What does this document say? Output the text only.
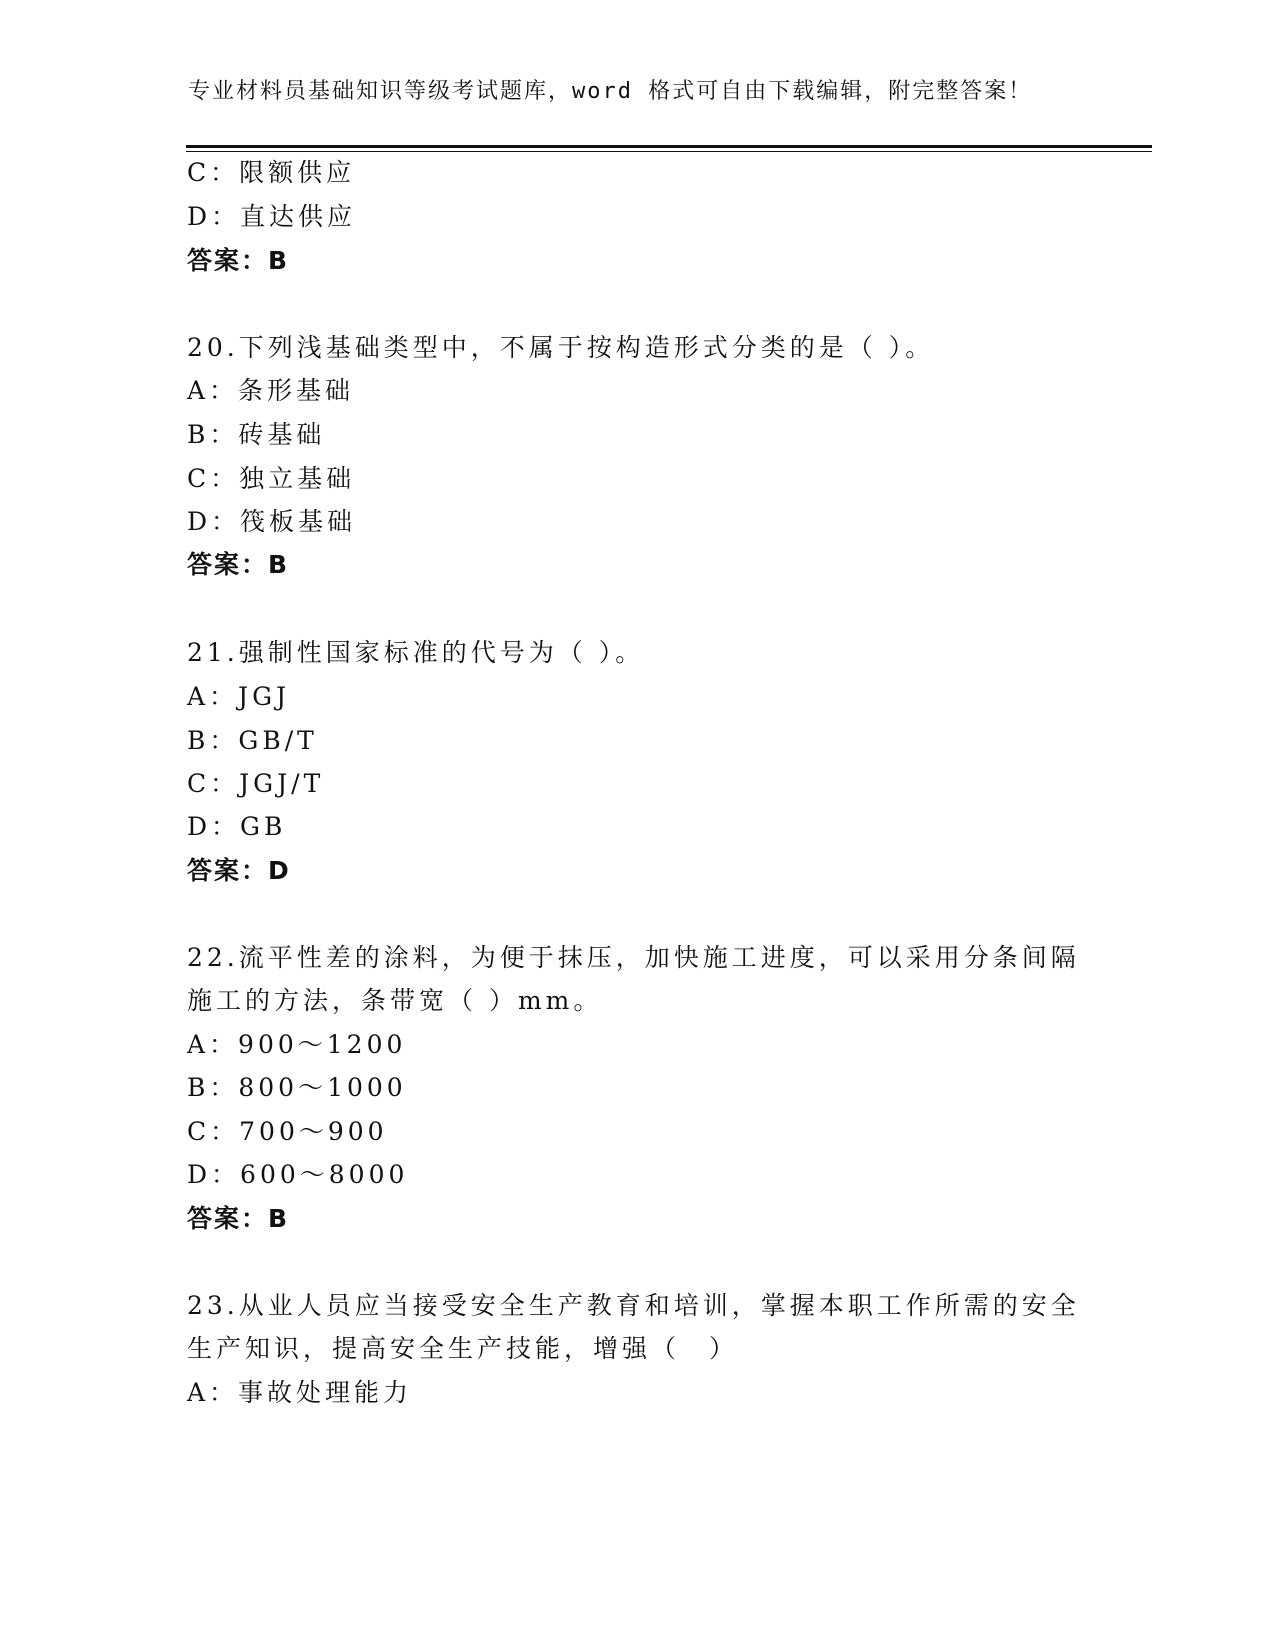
专业材料员基础知识等级考试题库，word 格式可自由下载编辑，附完整答案！
C：限额供应
D：直达供应
答案：B
20.下列浅基础类型中，不属于按构造形式分类的是（ ）。
A：条形基础
B：砖基础
C：独立基础
D：筏板基础
答案：B
21.强制性国家标准的代号为（ ）。
A：JGJ
B：GB/T
C：JGJ/T
D：GB
答案：D
22.流平性差的涂料，为便于抹压，加快施工进度，可以采用分条间隔
施工的方法，条带宽（ ）mm。
A：900～1200
B：800～1000
C：700～900
D：600～8000
答案：B
23.从业人员应当接受安全生产教育和培训，掌握本职工作所需的安全
生产知识，提高安全生产技能，增强（　）
A：事故处理能力
